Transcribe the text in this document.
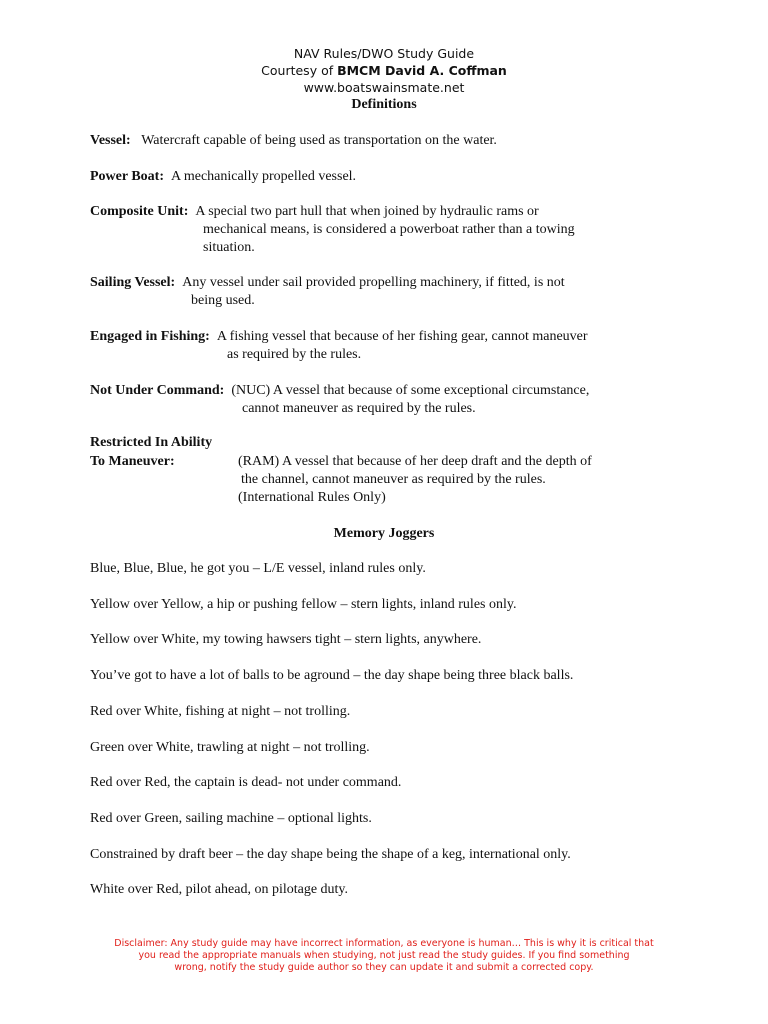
NAV Rules/DWO Study Guide
Courtesy of BMCM David A. Coffman
www.boatswainsmate.net
Definitions
Vessel: Watercraft capable of being used as transportation on the water.
Power Boat: A mechanically propelled vessel.
Composite Unit: A special two part hull that when joined by hydraulic rams or
mechanical means, is considered a powerboat rather than a towing
situation.
Sailing Vessel: Any vessel under sail provided propelling machinery, if fitted, is not
being used.
Engaged in Fishing: A fishing vessel that because of her fishing gear, cannot maneuver
as required by the rules.
Not Under Command: (NUC) A vessel that because of some exceptional circumstance,
cannot maneuver as required by the rules.
Restricted In Ability
To Maneuver:	(RAM) A vessel that because of her deep draft and the depth of
the channel, cannot maneuver as required by the rules.
(International Rules Only)
Memory Joggers
Blue, Blue, Blue, he got you – L/E vessel, inland rules only.
Yellow over Yellow, a hip or pushing fellow – stern lights, inland rules only.
Yellow over White, my towing hawsers tight – stern lights, anywhere.
You’ve got to have a lot of balls to be aground – the day shape being three black balls.
Red over White, fishing at night – not trolling.
Green over White, trawling at night – not trolling.
Red over Red, the captain is dead- not under command.
Red over Green, sailing machine – optional lights.
Constrained by draft beer – the day shape being the shape of a keg, international only.
White over Red, pilot ahead, on pilotage duty.
Disclaimer: Any study guide may have incorrect information, as everyone is human… This is why it is critical that
you read the appropriate manuals when studying, not just read the study guides. If you find something
wrong, notify the study guide author so they can update it and submit a corrected copy.
